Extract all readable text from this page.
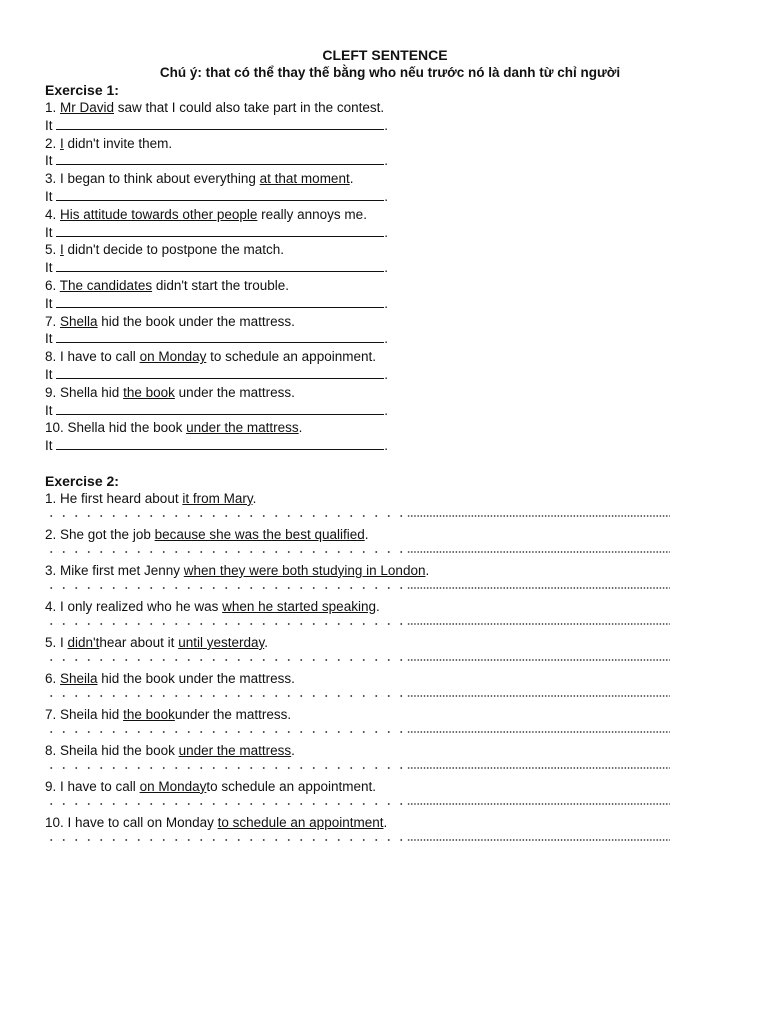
CLEFT SENTENCE
Chú ý: that có thể thay thế bằng who nếu trước nó là danh từ chỉ người
Exercise 1:
1. Mr David saw that I could also take part in the contest.
It	.
2. I didn't invite them.
It	.
3. I began to think about everything at that moment.
It	.
4. His attitude towards other people really annoys me.
It	.
5. I didn't decide to postpone the match.
It	.
6. The candidates didn't start the trouble.
It	.
7. Shella hid the book under the mattress.
It	.
8. I have to call on Monday to schedule an appoinment.
It	.
9. Shella hid the book under the mattress.
It	.
10. Shella hid the book under the mattress.
It	.
Exercise 2:
1. He first heard about it from Mary.
2. She got the job because she was the best qualified.
3. Mike first met Jenny when they were both studying in London.
4. I only realized who he was when he started speaking.
5. I didn'thear about it until yesterday.
6. Sheila hid the book under the mattress.
7. Sheila hid the bookunder the mattress.
8. Sheila hid the book under the mattress.
9. I have to call on Mondayto schedule an appointment.
10. I have to call on Monday to schedule an appointment.
